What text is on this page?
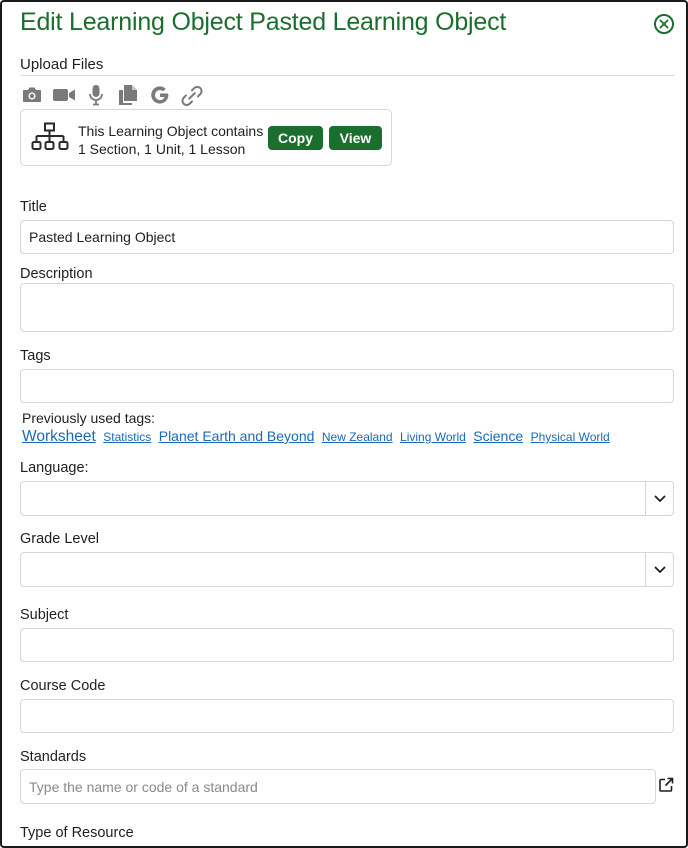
Edit Learning Object Pasted Learning Object
Upload Files
This Learning Object contains
1 Section, 1 Unit, 1 Lesson
Copy	View
Title
Pasted Learning Object
Description
Tags
Previously used tags:
Worksheet Statistics Planet Earth and Beyond New Zealand Living World Science Physical World
Language:
Grade Level
Subject
Course Code
Standards
Type the name or code of a standard
Type of Resource
